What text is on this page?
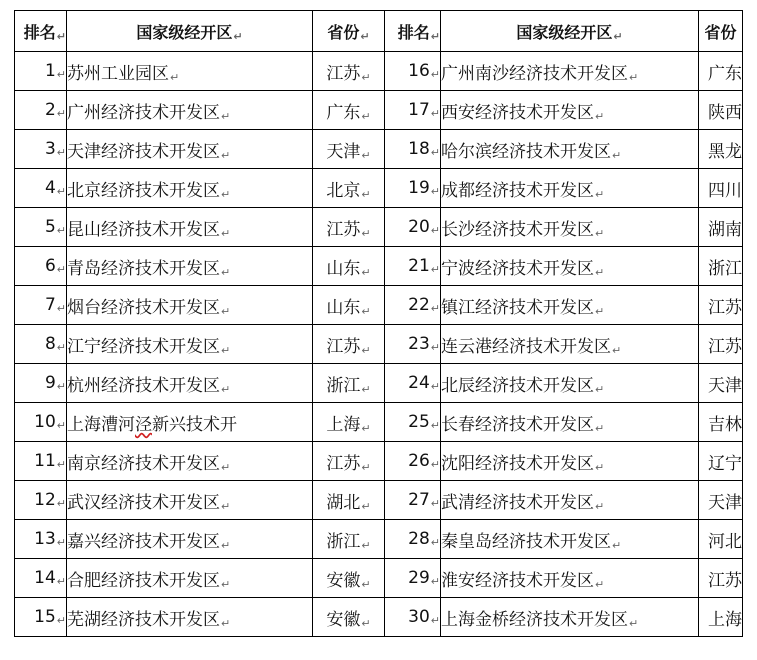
排名↵	国家级经开区↵	省份↵	排名↵	国家级经开区↵	省份
1↵	苏州工业园区↵	江苏↵	16↵	广州南沙经济技术开发区↵	广东
2↵	广州经济技术开发区↵	广东↵	17↵	西安经济技术开发区↵	陕西
3↵	天津经济技术开发区↵	天津↵	18↵	哈尔滨经济技术开发区↵	黑龙
4↵	北京经济技术开发区↵	北京↵	19↵	成都经济技术开发区↵	四川
5↵	昆山经济技术开发区↵	江苏↵	20↵	长沙经济技术开发区↵	湖南
6↵	青岛经济技术开发区↵	山东↵	21↵	宁波经济技术开发区↵	浙江
7↵	烟台经济技术开发区↵	山东↵	22↵	镇江经济技术开发区↵	江苏
8↵	江宁经济技术开发区↵	江苏↵	23↵	连云港经济技术开发区↵	江苏
9↵	杭州经济技术开发区↵	浙江↵	24↵	北辰经济技术开发区↵	天津
10↵	上海漕河泾新兴技术开	上海↵	25↵	长春经济技术开发区↵	吉林
11↵	南京经济技术开发区↵	江苏↵	26↵	沈阳经济技术开发区↵	辽宁
12↵	武汉经济技术开发区↵	湖北↵	27↵	武清经济技术开发区↵	天津
13↵	嘉兴经济技术开发区↵	浙江↵	28↵	秦皇岛经济技术开发区↵	河北
14↵	合肥经济技术开发区↵	安徽↵	29↵	淮安经济技术开发区↵	江苏
15↵	芜湖经济技术开发区↵	安徽↵	30↵	上海金桥经济技术开发区↵	上海
